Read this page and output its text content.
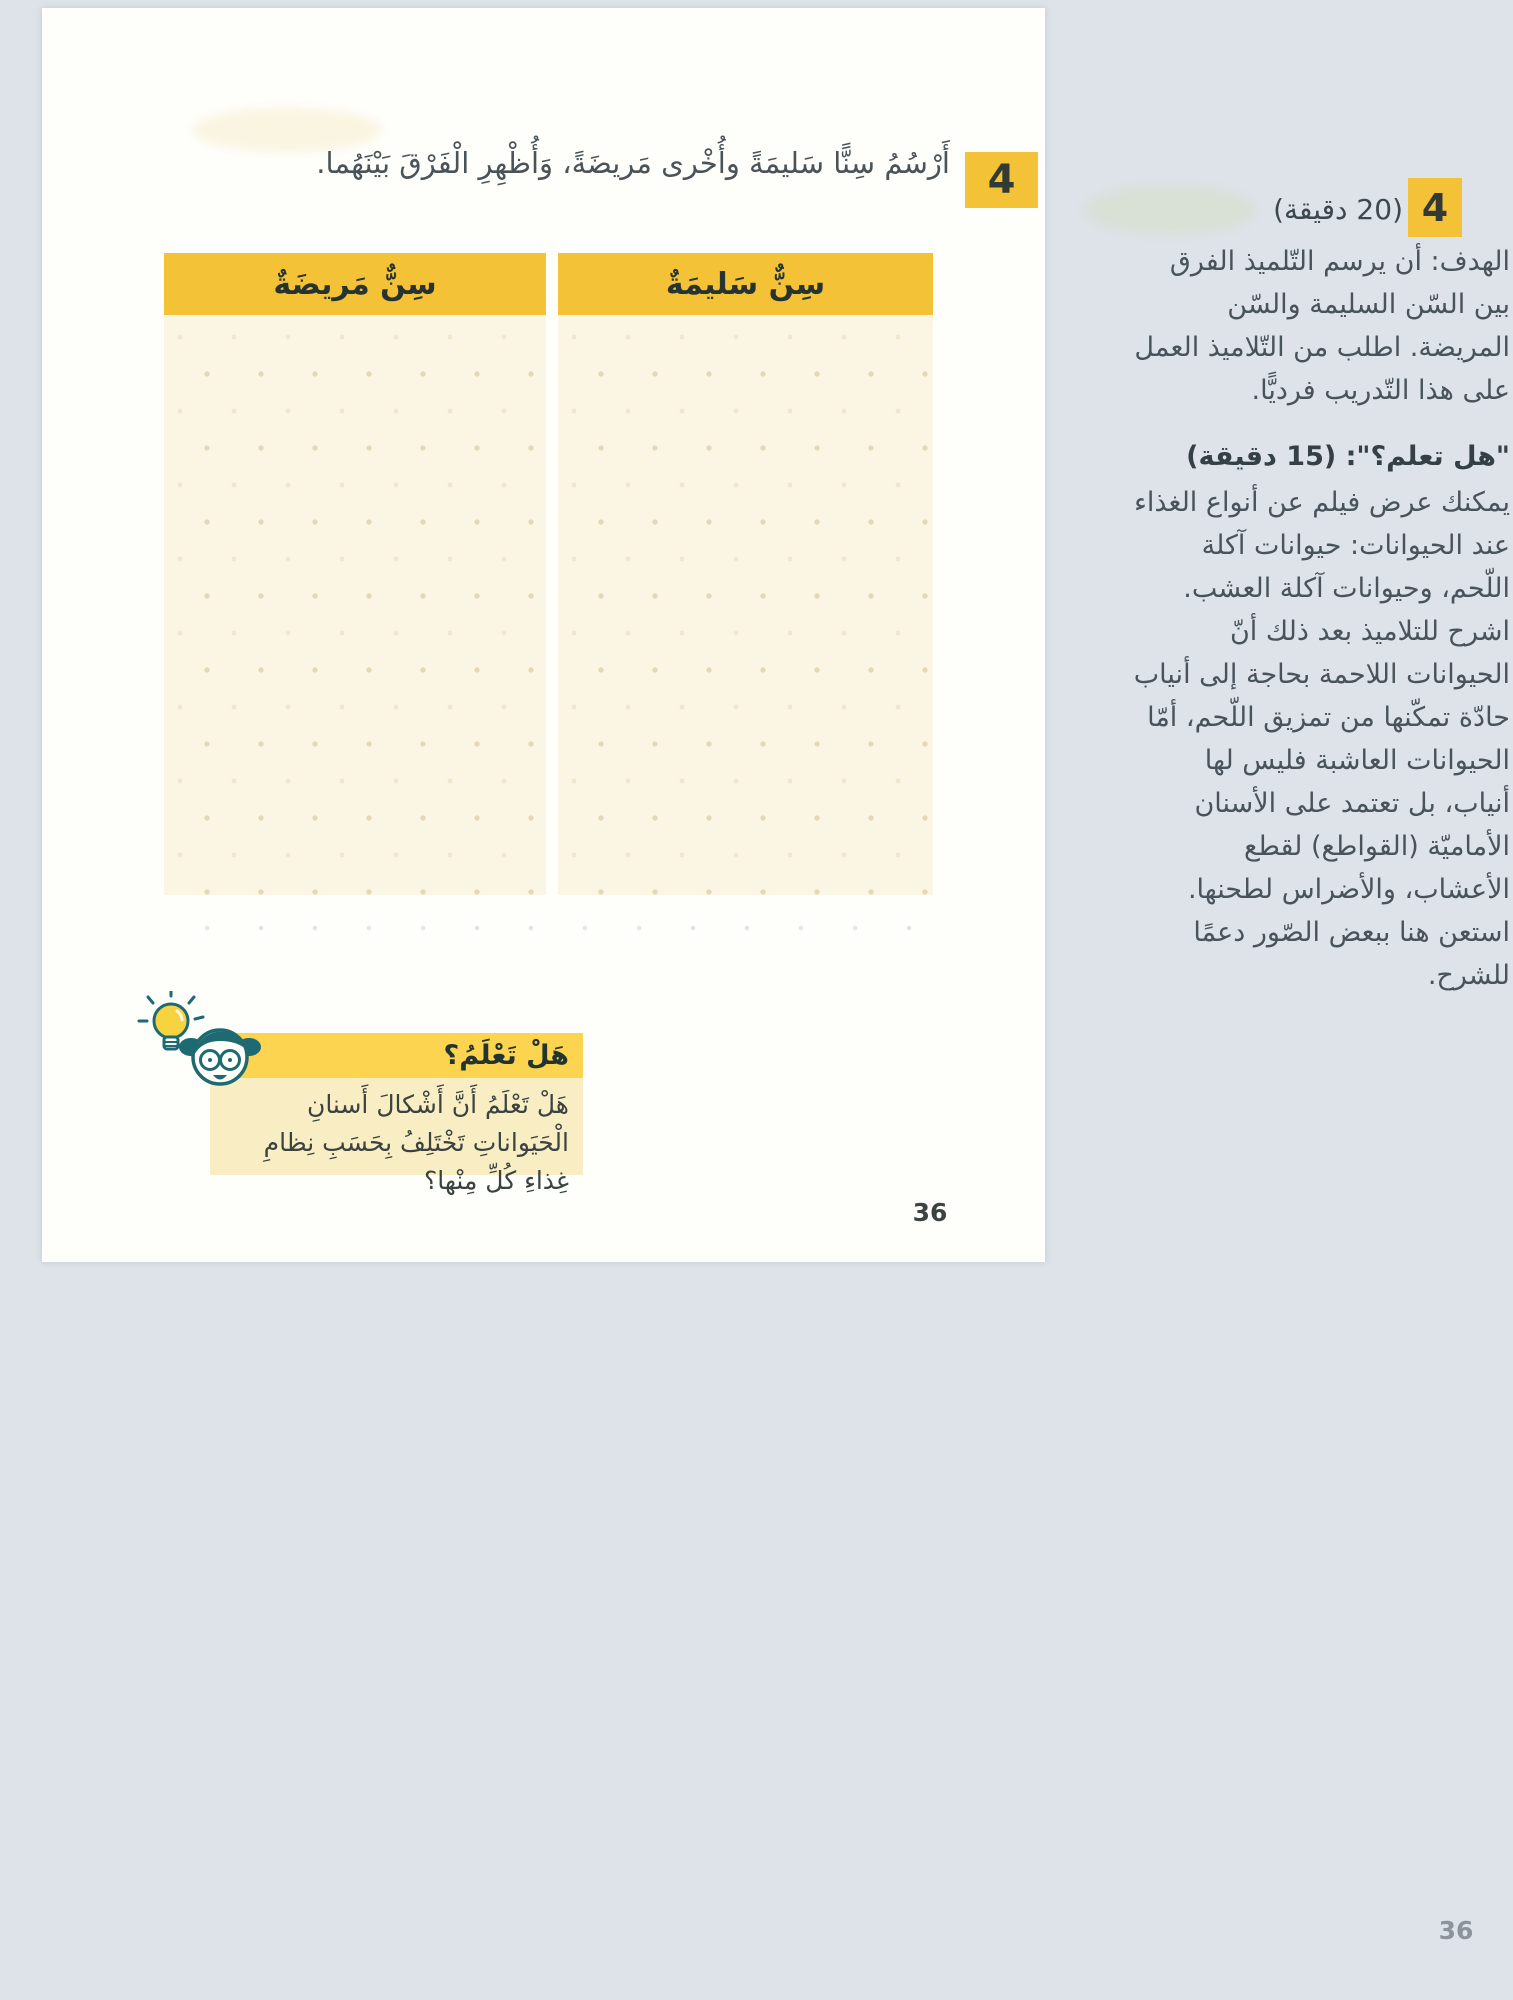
أَرْسُمُ سِنًّا سَليمَةً وأُخْرى مَريضَةً، وَأُظْهِرِ الْفَرْقَ بَيْنَهُما. 4
سِنٌّ سَليمَةٌ
سِنٌّ مَريضَةٌ
هَلْ تَعْلَمُ؟
هَلْ تَعْلَمُ أَنَّ أَشْكالَ أَسنانِ الْحَيَواناتِ تَخْتَلِفُ بِحَسَبِ نِظامِ غِذاءِ كُلِّ مِنْها؟
36
4
(20 دقيقة)
الهدف: أن يرسم التّلميذ الفرق بين السّن السليمة والسّن المريضة. اطلب من التّلاميذ العمل على هذا التّدريب فرديًّا.
"هل تعلم؟": (15 دقيقة)
يمكنك عرض فيلم عن أنواع الغذاء عند الحيوانات: حيوانات آكلة اللّحم، وحيوانات آكلة العشب. اشرح للتلاميذ بعد ذلك أنّ الحيوانات اللاحمة بحاجة إلى أنياب حادّة تمكّنها من تمزيق اللّحم، أمّا الحيوانات العاشبة فليس لها أنياب، بل تعتمد على الأسنان الأماميّة (القواطع) لقطع الأعشاب، والأضراس لطحنها. استعن هنا ببعض الصّور دعمًا للشرح.
36
